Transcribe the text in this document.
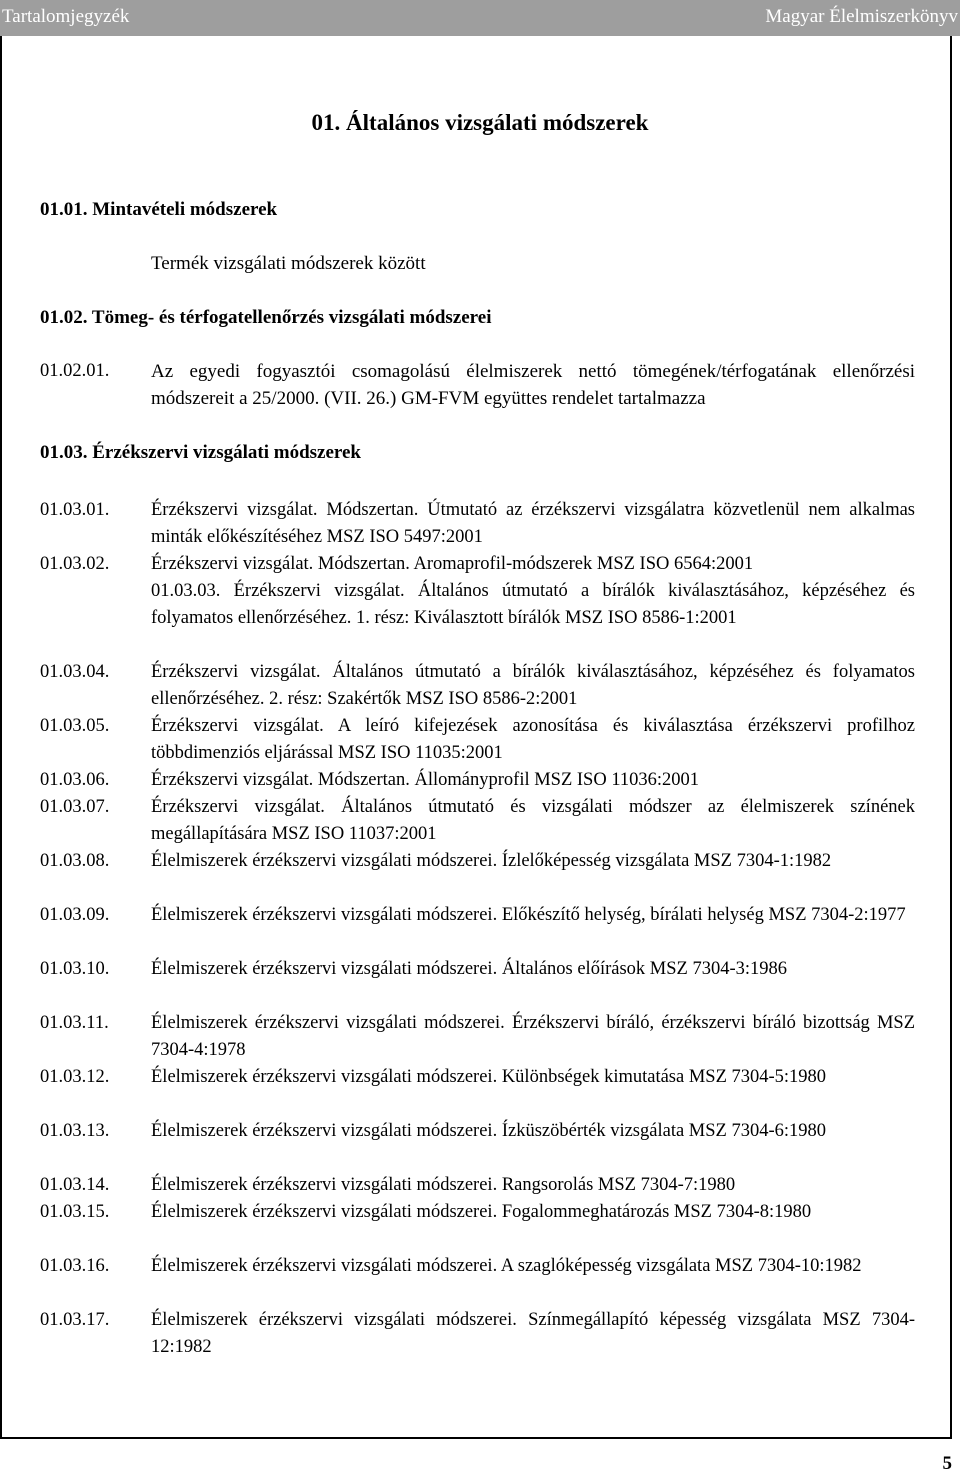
Tartalomjegyzék	Magyar Élelmiszerkönyv
01. Általános vizsgálati módszerek

01.01. Mintavételi módszerek

Termék vizsgálati módszerek között

01.02. Tömeg- és térfogatellenőrzés vizsgálati módszerei

01.02.01. Az egyedi fogyasztói csomagolású élelmiszerek nettó tömegének/térfogatának ellenőrzési módszereit a 25/2000. (VII. 26.) GM-FVM együttes rendelet tartalmazza

01.03. Érzékszervi vizsgálati módszerek

01.03.01. Érzékszervi vizsgálat. Módszertan. Útmutató az érzékszervi vizsgálatra közvetlenül nem alkalmas minták előkészítéséhez MSZ ISO 5497:2001
01.03.02. Érzékszervi vizsgálat. Módszertan. Aromaprofil-módszerek MSZ ISO 6564:2001
01.03.03. Érzékszervi vizsgálat. Általános útmutató a bírálók kiválasztásához, képzéséhez és folyamatos ellenőrzéséhez. 1. rész: Kiválasztott bírálók MSZ ISO 8586-1:2001
01.03.04. Érzékszervi vizsgálat. Általános útmutató a bírálók kiválasztásához, képzéséhez és folyamatos ellenőrzéséhez. 2. rész: Szakértők MSZ ISO 8586-2:2001
01.03.05. Érzékszervi vizsgálat. A leíró kifejezések azonosítása és kiválasztása érzékszervi profilhoz többdimenziós eljárással MSZ ISO 11035:2001
01.03.06. Érzékszervi vizsgálat. Módszertan. Állományprofil MSZ ISO 11036:2001
01.03.07. Érzékszervi vizsgálat. Általános útmutató és vizsgálati módszer az élelmiszerek színének megállapítására MSZ ISO 11037:2001
01.03.08. Élelmiszerek érzékszervi vizsgálati módszerei. Ízlelőképesség vizsgálata MSZ 7304-1:1982
01.03.09. Élelmiszerek érzékszervi vizsgálati módszerei. Előkészítő helység, bírálati helység MSZ 7304-2:1977
01.03.10. Élelmiszerek érzékszervi vizsgálati módszerei. Általános előírások MSZ 7304-3:1986
01.03.11. Élelmiszerek érzékszervi vizsgálati módszerei. Érzékszervi bíráló, érzékszervi bíráló bizottság MSZ 7304-4:1978
01.03.12. Élelmiszerek érzékszervi vizsgálati módszerei. Különbségek kimutatása MSZ 7304-5:1980
01.03.13. Élelmiszerek érzékszervi vizsgálati módszerei. Ízküszöbérték vizsgálata MSZ 7304-6:1980
01.03.14. Élelmiszerek érzékszervi vizsgálati módszerei. Rangsorolás MSZ 7304-7:1980
01.03.15. Élelmiszerek érzékszervi vizsgálati módszerei. Fogalommeghatározás MSZ 7304-8:1980
01.03.16. Élelmiszerek érzékszervi vizsgálati módszerei. A szaglóképesség vizsgálata MSZ 7304-10:1982
01.03.17. Élelmiszerek érzékszervi vizsgálati módszerei. Színmegállapító képesség vizsgálata MSZ 7304-12:1982
5
